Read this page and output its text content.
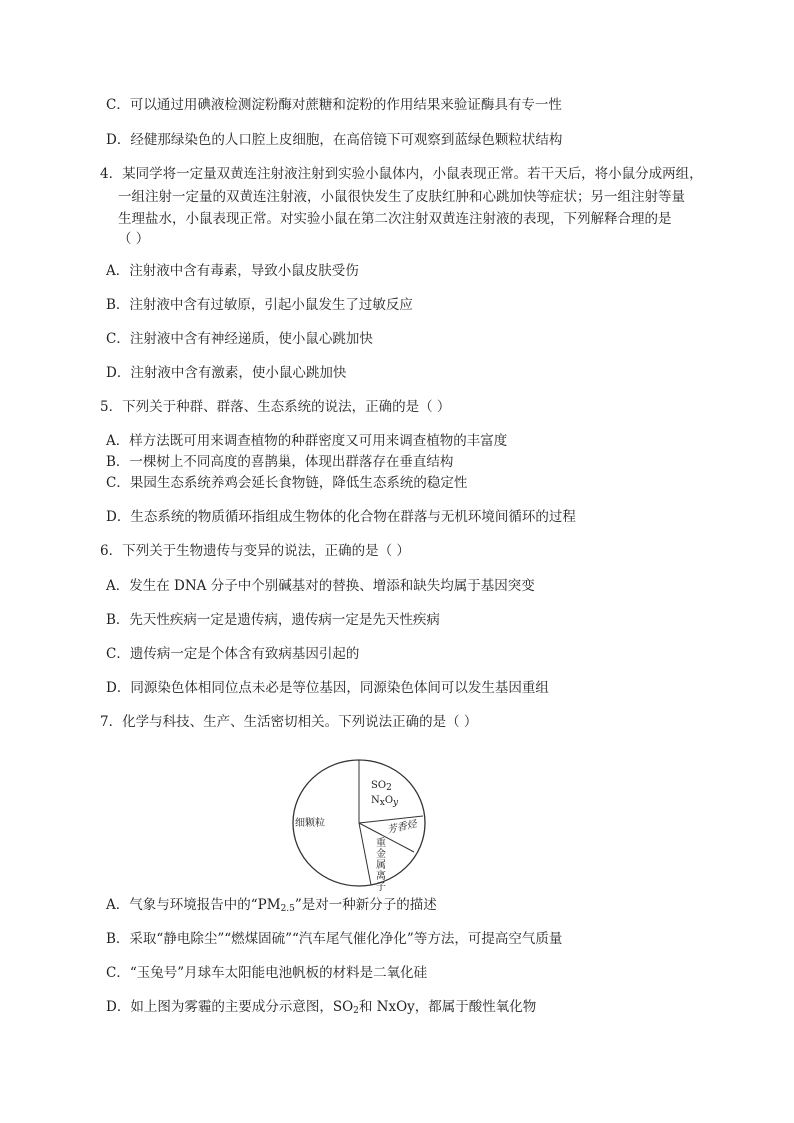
C．可以通过用碘液检测淀粉酶对蔗糖和淀粉的作用结果来验证酶具有专一性
D．经健那绿染色的人口腔上皮细胞，在高倍镜下可观察到蓝绿色颗粒状结构
4．某同学将一定量双黄连注射液注射到实验小鼠体内，小鼠表现正常。若干天后，将小鼠分成两组，
一组注射一定量的双黄连注射液，小鼠很快发生了皮肤红肿和心跳加快等症状；另一组注射等量
生理盐水，小鼠表现正常。对实验小鼠在第二次注射双黄连注射液的表现，下列解释合理的是
（ ）
A．注射液中含有毒素，导致小鼠皮肤受伤
B．注射液中含有过敏原，引起小鼠发生了过敏反应
C．注射液中含有神经递质，使小鼠心跳加快
D．注射液中含有激素，使小鼠心跳加快
5．下列关于种群、群落、生态系统的说法，正确的是（ ）
A．样方法既可用来调查植物的种群密度又可用来调查植物的丰富度
B．一棵树上不同高度的喜鹊巢，体现出群落存在垂直结构
C．果园生态系统养鸡会延长食物链，降低生态系统的稳定性
D．生态系统的物质循环指组成生物体的化合物在群落与无机环境间循环的过程
6．下列关于生物遗传与变异的说法，正确的是（ ）
A．发生在 DNA 分子中个别碱基对的替换、增添和缺失均属于基因突变
B．先天性疾病一定是遗传病，遗传病一定是先天性疾病
C．遗传病一定是个体含有致病基因引起的
D．同源染色体相同位点未必是等位基因，同源染色体间可以发生基因重组
7．化学与科技、生产、生活密切相关。下列说法正确的是（ ）
$SO_2$
$N_xO_y$
细颗粒	芳香烃
重
金
属
离
子
A．气象与环境报告中的“$PM_{2.5}$”是对一种新分子的描述
B．采取“静电除尘”“燃煤固硫”“汽车尾气催化净化”等方法，可提高空气质量
C．“玉兔号”月球车太阳能电池帆板的材料是二氧化硅
D．如上图为雾霾的主要成分示意图，$SO_2$和 NxOy，都属于酸性氧化物
